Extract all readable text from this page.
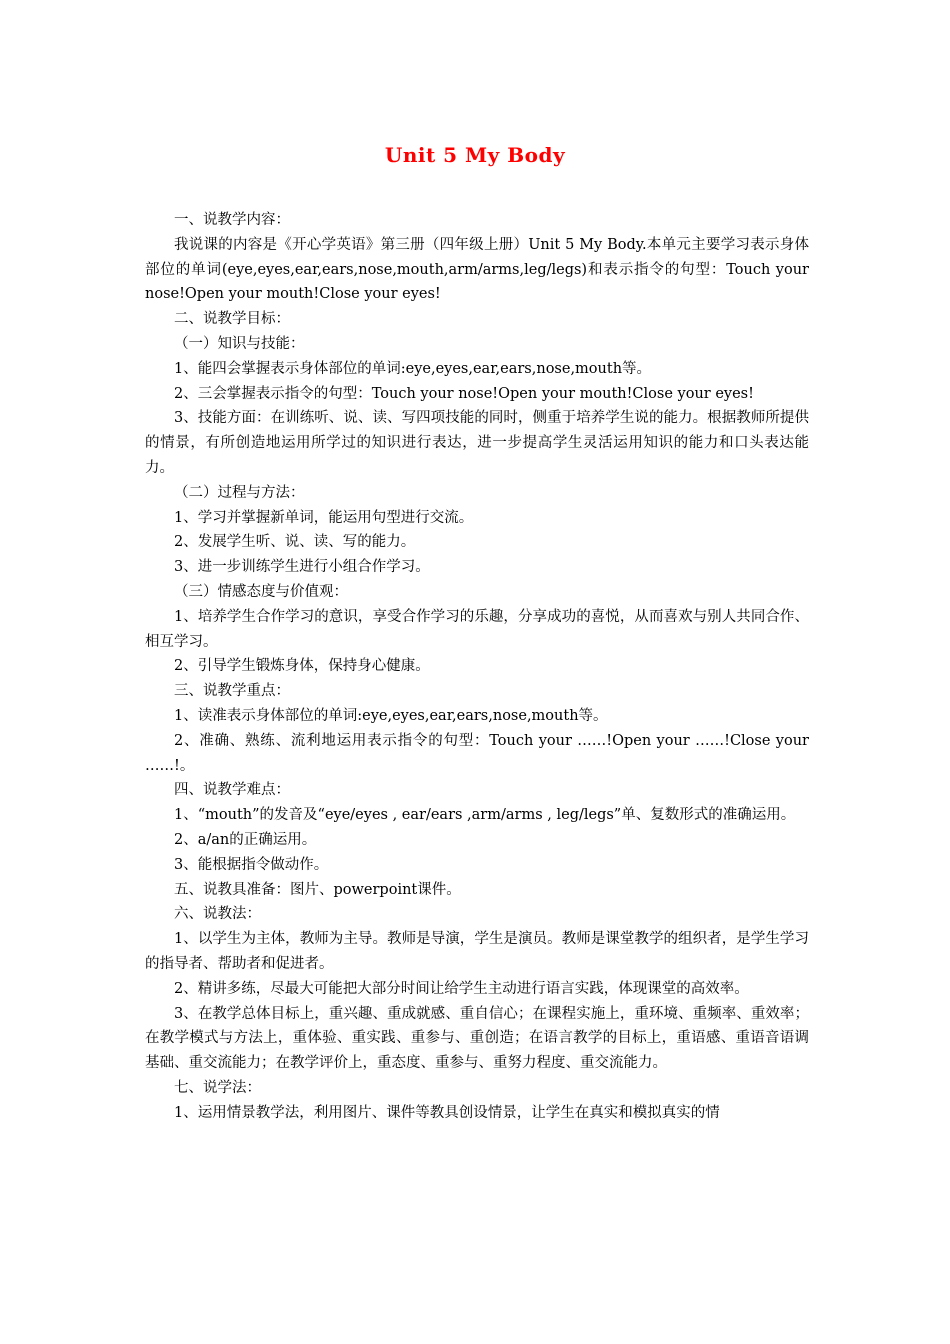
Unit 5 My Body

一、说教学内容：

我说课的内容是《开心学英语》第三册（四年级上册）Unit 5 My Body.本单元主要学习表示身体部位的单词(eye,eyes,ear,ears,nose,mouth,arm/arms,leg/legs)和表示指令的句型：Touch your nose!Open your mouth!Close your eyes!

二、说教学目标：

（一）知识与技能：

1、能四会掌握表示身体部位的单词:eye,eyes,ear,ears,nose,mouth等。

2、三会掌握表示指令的句型：Touch your nose!Open your mouth!Close your eyes!

3、技能方面：在训练听、说、读、写四项技能的同时，侧重于培养学生说的能力。根据教师所提供的情景，有所创造地运用所学过的知识进行表达，进一步提高学生灵活运用知识的能力和口头表达能力。

（二）过程与方法：

1、学习并掌握新单词，能运用句型进行交流。

2、发展学生听、说、读、写的能力。

3、进一步训练学生进行小组合作学习。

（三）情感态度与价值观：

1、培养学生合作学习的意识，享受合作学习的乐趣，分享成功的喜悦，从而喜欢与别人共同合作、相互学习。

2、引导学生锻炼身体，保持身心健康。

三、说教学重点：

1、读准表示身体部位的单词:eye,eyes,ear,ears,nose,mouth等。

2、准确、熟练、流利地运用表示指令的句型：Touch your ……!Open your ……!Close your ……!。

四、说教学难点：

1、“mouth”的发音及“eye/eyes , ear/ears ,arm/arms , leg/legs”单、复数形式的准确运用。

2、a/an的正确运用。

3、能根据指令做动作。

五、说教具准备：图片、powerpoint课件。

六、说教法：

1、以学生为主体，教师为主导。教师是导演，学生是演员。教师是课堂教学的组织者，是学生学习的指导者、帮助者和促进者。

2、精讲多练，尽最大可能把大部分时间让给学生主动进行语言实践，体现课堂的高效率。

3、在教学总体目标上，重兴趣、重成就感、重自信心；在课程实施上，重环境、重频率、重效率；在教学模式与方法上，重体验、重实践、重参与、重创造；在语言教学的目标上，重语感、重语音语调基础、重交流能力；在教学评价上，重态度、重参与、重努力程度、重交流能力。

七、说学法：

1、运用情景教学法，利用图片、课件等教具创设情景，让学生在真实和模拟真实的情
